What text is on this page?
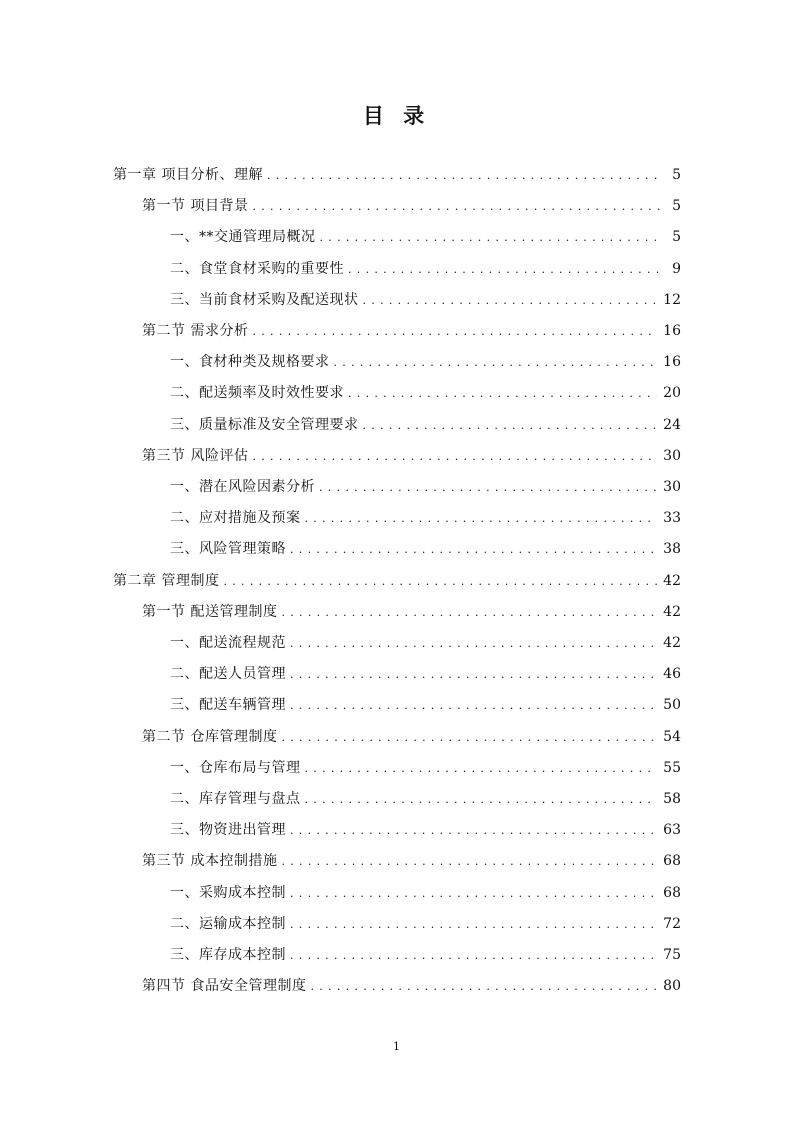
目 录
第一章 项目分析、理解 . . .	5
第一节 项目背景 . . .	5
一、**交通管理局概况 . . .	5
二、食堂食材采购的重要性 . . .	9
三、当前食材采购及配送现状 . . .	12
第二节 需求分析 . . .	16
一、食材种类及规格要求 . . .	16
二、配送频率及时效性要求 . . .	20
三、质量标准及安全管理要求 . . .	24
第三节 风险评估 . . .	30
一、潜在风险因素分析 . . .	30
二、应对措施及预案 . . .	33
三、风险管理策略 . . .	38
第二章 管理制度 . . .	42
第一节 配送管理制度 . . .	42
一、配送流程规范 . . .	42
二、配送人员管理 . . .	46
三、配送车辆管理 . . .	50
第二节 仓库管理制度 . . .	54
一、仓库布局与管理 . . .	55
二、库存管理与盘点 . . .	58
三、物资进出管理 . . .	63
第三节 成本控制措施 . . .	68
一、采购成本控制 . . .	68
二、运输成本控制 . . .	72
三、库存成本控制 . . .	75
第四节 食品安全管理制度 . . .	80
1
